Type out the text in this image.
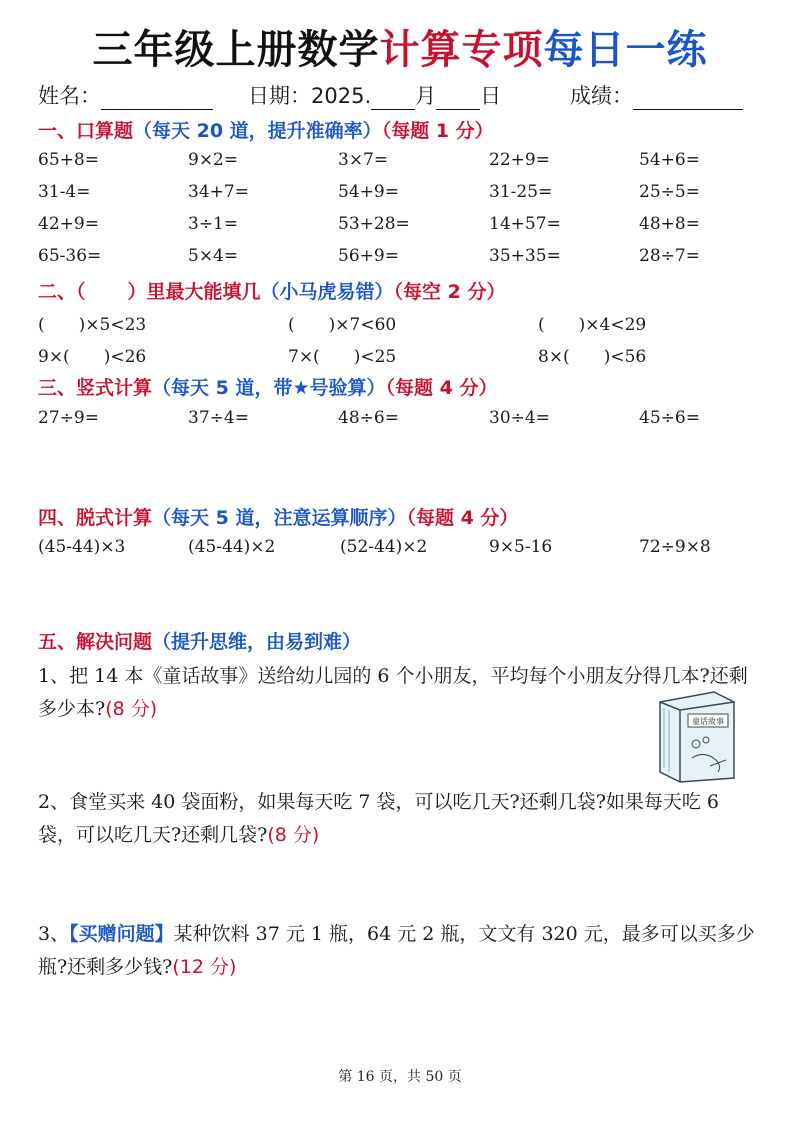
三年级上册数学计算专项每日一练
姓名：	日期：2025. 月 日	成绩：
一、口算题（每天 20 道，提升准确率）（每题 1 分）
65+8=	9×2=	3×7=	22+9=	54+6=
31-4=	34+7=	54+9=	31-25=	25÷5=
42+9=	3÷1=	53+28=	14+57=	48+8=
65-36=	5×4=	56+9=	35+35=	28÷7=
二、（ ）里最大能填几（小马虎易错）（每空 2 分）
(　　)×5<23	(　　)×7<60	(　　)×4<29
9×(　　)<26	7×(　　)<25	8×(　　)<56
三、竖式计算（每天 5 道，带★号验算）（每题 4 分）
27÷9=	37÷4=	48÷6=	30÷4=	45÷6=
四、脱式计算（每天 5 道，注意运算顺序）（每题 4 分）
(45-44)×3	(45-44)×2	(52-44)×2	9×5-16	72÷9×8
五、解决问题（提升思维，由易到难）
1、把 14 本《童话故事》送给幼儿园的 6 个小朋友，平均每个小朋友分得几本?还剩多少本?(8 分)
童话故事
2、食堂买来 40 袋面粉，如果每天吃 7 袋，可以吃几天?还剩几袋?如果每天吃 6 袋，可以吃几天?还剩几袋?(8 分)
3、【买赠问题】某种饮料 37 元 1 瓶，64 元 2 瓶，文文有 320 元，最多可以买多少瓶?还剩多少钱?(12 分)
第 16 页，共 50 页
